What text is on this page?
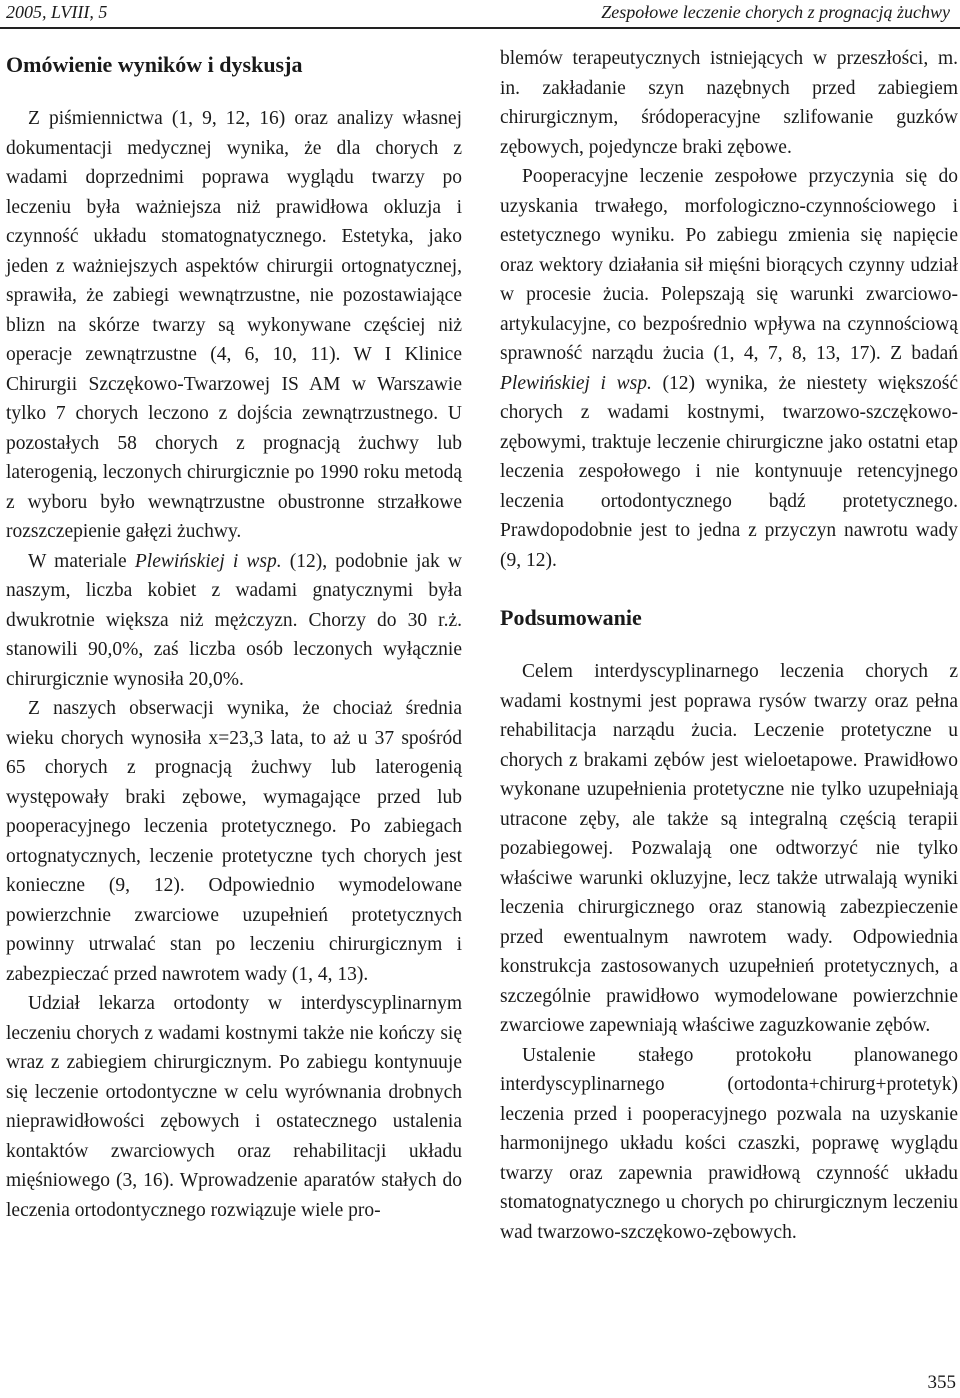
2005, LVIII, 5	Zespołowe leczenie chorych z prognacją żuchwy
Omówienie wyników i dyskusja

Z piśmiennictwa (1, 9, 12, 16) oraz analizy własnej dokumentacji medycznej wynika, że dla chorych z wadami doprzednimi poprawa wyglądu twarzy po leczeniu była ważniejsza niż prawidłowa okluzja i czynność układu stomatognatycznego. Estetyka, jako jeden z ważniejszych aspektów chirurgii ortognatycznej, sprawiła, że zabiegi wewnątrzustne, nie pozostawiające blizn na skórze twarzy są wykonywane częściej niż operacje zewnątrzustne (4, 6, 10, 11). W I Klinice Chirurgii Szczękowo-Twarzowej IS AM w Warszawie tylko 7 chorych leczono z dojścia zewnątrzustnego. U pozostałych 58 chorych z prognacją żuchwy lub laterogenią, leczonych chirurgicznie po 1990 roku metodą z wyboru było wewnątrzustne obustronne strzałkowe rozszczepienie gałęzi żuchwy.

W materiale Plewińskiej i wsp. (12), podobnie jak w naszym, liczba kobiet z wadami gnatycznymi była dwukrotnie większa niż mężczyzn. Chorzy do 30 r.ż. stanowili 90,0%, zaś liczba osób leczonych wyłącznie chirurgicznie wynosiła 20,0%.

Z naszych obserwacji wynika, że chociaż średnia wieku chorych wynosiła x=23,3 lata, to aż u 37 spośród 65 chorych z prognacją żuchwy lub laterogenią występowały braki zębowe, wymagające przed lub pooperacyjnego leczenia protetycznego. Po zabiegach ortognatycznych, leczenie protetyczne tych chorych jest konieczne (9, 12). Odpowiednio wymodelowane powierzchnie zwarciowe uzupełnień protetycznych powinny utrwalać stan po leczeniu chirurgicznym i zabezpieczać przed nawrotem wady (1, 4, 13).

Udział lekarza ortodonty w interdyscyplinarnym leczeniu chorych z wadami kostnymi także nie kończy się wraz z zabiegiem chirurgicznym. Po zabiegu kontynuuje się leczenie ortodontyczne w celu wyrównania drobnych nieprawidłowości zębowych i ostatecznego ustalenia kontaktów zwarciowych oraz rehabilitacji układu mięśniowego (3, 16). Wprowadzenie aparatów stałych do leczenia ortodontycznego rozwiązuje wiele pro-

blemów terapeutycznych istniejących w przeszłości, m. in. zakładanie szyn nazębnych przed zabiegiem chirurgicznym, śródoperacyjne szlifowanie guzków zębowych, pojedyncze braki zębowe.

Pooperacyjne leczenie zespołowe przyczynia się do uzyskania trwałego, morfologiczno-czynnościowego i estetycznego wyniku. Po zabiegu zmienia się napięcie oraz wektory działania sił mięśni biorących czynny udział w procesie żucia. Polepszają się warunki zwarciowo-artykulacyjne, co bezpośrednio wpływa na czynnościową sprawność narządu żucia (1, 4, 7, 8, 13, 17). Z badań Plewińskiej i wsp. (12) wynika, że niestety większość chorych z wadami kostnymi, twarzowo-szczękowo-zębowymi, traktuje leczenie chirurgiczne jako ostatni etap leczenia zespołowego i nie kontynuuje retencyjnego leczenia ortodontycznego bądź protetycznego. Prawdopodobnie jest to jedna z przyczyn nawrotu wady (9, 12).

Podsumowanie

Celem interdyscyplinarnego leczenia chorych z wadami kostnymi jest poprawa rysów twarzy oraz pełna rehabilitacja narządu żucia. Leczenie protetyczne u chorych z brakami zębów jest wieloetapowe. Prawidłowo wykonane uzupełnienia protetyczne nie tylko uzupełniają utracone zęby, ale także są integralną częścią terapii pozabiegowej. Pozwalają one odtworzyć nie tylko właściwe warunki okluzyjne, lecz także utrwalają wyniki leczenia chirurgicznego oraz stanowią zabezpieczenie przed ewentualnym nawrotem wady. Odpowiednia konstrukcja zastosowanych uzupełnień protetycznych, a szczególnie prawidłowo wymodelowane powierzchnie zwarciowe zapewniają właściwe zaguzkowanie zębów.

Ustalenie stałego protokołu planowanego interdyscyplinarnego (ortodonta+chirurg+protetyk) leczenia przed i pooperacyjnego pozwala na uzyskanie harmonijnego układu kości czaszki, poprawę wyglądu twarzy oraz zapewnia prawidłową czynność układu stomatognatycznego u chorych po chirurgicznym leczeniu wad twarzowo-szczękowo-zębowych.

355
